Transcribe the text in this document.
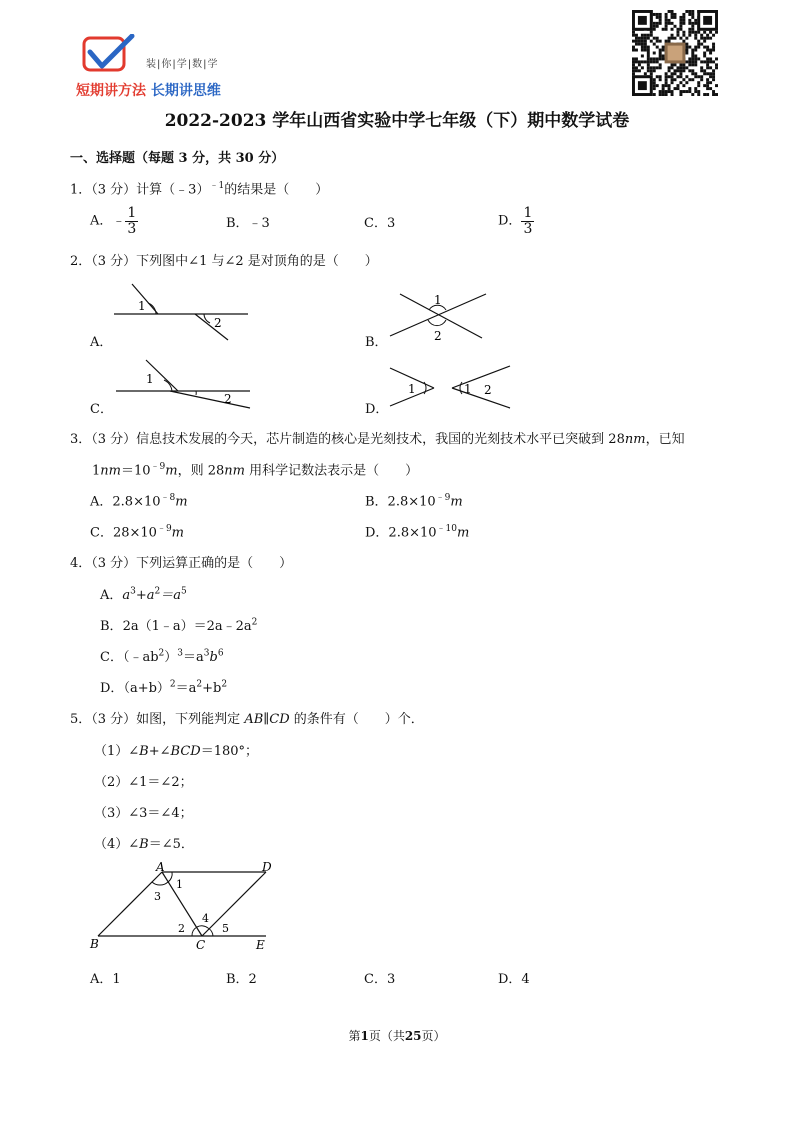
装|你|学|数|学
短期讲方法 长期讲思维
2022-2023 学年山西省实验中学七年级（下）期中数学试卷
一、选择题（每题 3 分，共 30 分）
1．（3 分）计算（﹣3）$^{﹣1}$的结果是（　　）
A．﹣ $\frac{1}{3}$	B．﹣3	C．3	D． $\frac{1}{3}$
2．（3 分）下列图中∠1 与∠2 是对顶角的是（　　）
1
2
A．
1
2
B．
1
2
C．
1	1 2
D．
3．（3 分）信息技术发展的今天，芯片制造的核心是光刻技术，我国的光刻技术水平已突破到 28nm，已知
$1nm=10^{﹣9}m$，则 28nm 用科学记数法表示是（　　）
A．$2.8\times 10^{﹣8}m$	B．$2.8\times 10^{﹣9}m$
C．$28\times 10^{﹣9}m$	D．$2.8\times 10^{﹣10}m$
4．（3 分）下列运算正确的是（　　）
A．$a^3+a^2=a^5$
B．$2a(1﹣a)=2a﹣2a^2$
C．$(﹣ab^2)^3=a^3b^6$
D．$(a+b)^2=a^2+b^2$
5．（3 分）如图，下列能判定 AB∥CD 的条件有（　　）个．
（1）∠B+∠BCD＝180°；
（2）∠1＝∠2；
（3）∠3＝∠4；
（4）∠B＝∠5．
A	D
B	C	E
1
3
2
4
5
A．1	B．2	C．3	D．4
第1页（共25页）
